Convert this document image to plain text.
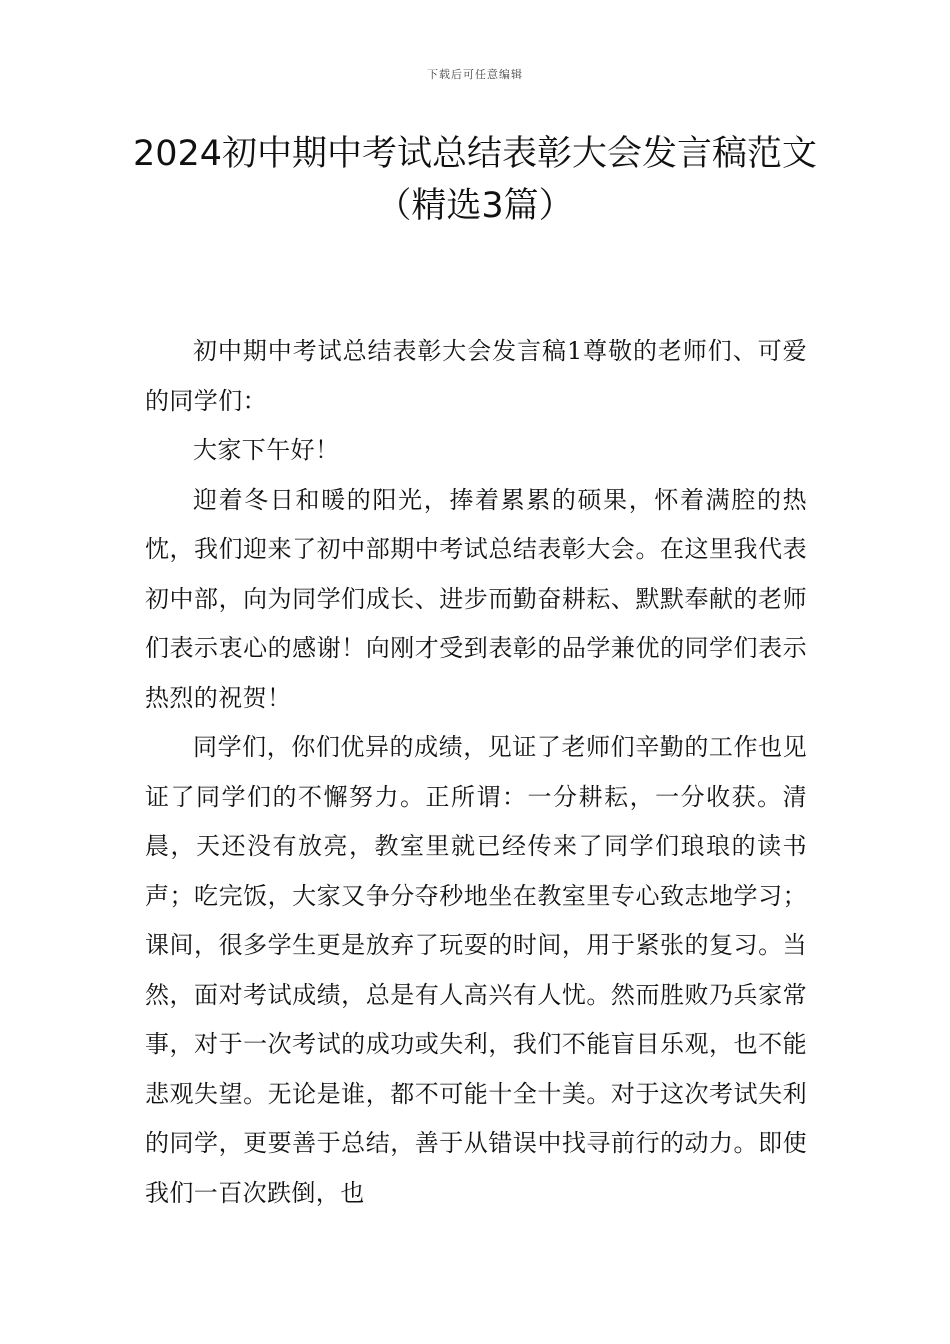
下载后可任意编辑
2024初中期中考试总结表彰大会发言稿范文（精选3篇）

初中期中考试总结表彰大会发言稿1尊敬的老师们、可爱的同学们：

大家下午好！

迎着冬日和暖的阳光，捧着累累的硕果，怀着满腔的热忱，我们迎来了初中部期中考试总结表彰大会。在这里我代表初中部，向为同学们成长、进步而勤奋耕耘、默默奉献的老师们表示衷心的感谢！向刚才受到表彰的品学兼优的同学们表示热烈的祝贺！

同学们，你们优异的成绩，见证了老师们辛勤的工作也见证了同学们的不懈努力。正所谓：一分耕耘，一分收获。清晨，天还没有放亮，教室里就已经传来了同学们琅琅的读书声；吃完饭，大家又争分夺秒地坐在教室里专心致志地学习；课间，很多学生更是放弃了玩耍的时间，用于紧张的复习。当然，面对考试成绩，总是有人高兴有人忧。然而胜败乃兵家常事，对于一次考试的成功或失利，我们不能盲目乐观，也不能悲观失望。无论是谁，都不可能十全十美。对于这次考试失利的同学，更要善于总结，善于从错误中找寻前行的动力。即使我们一百次跌倒，也
